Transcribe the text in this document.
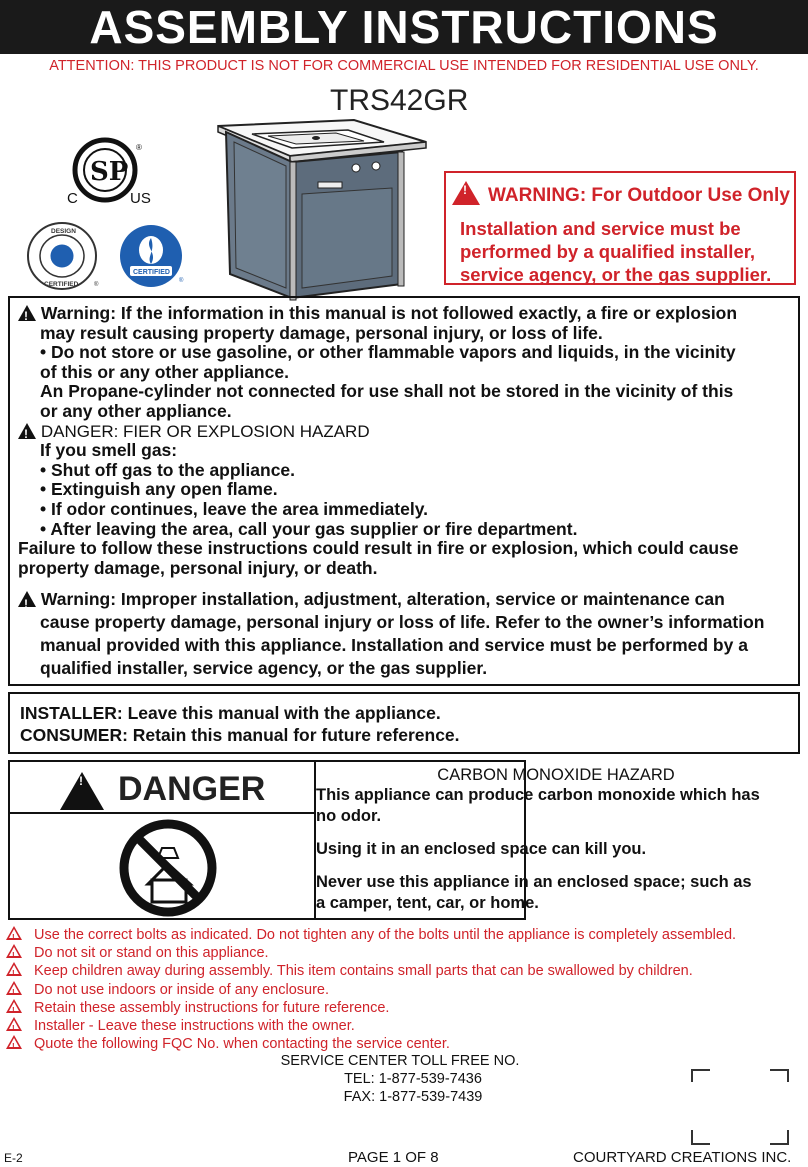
ASSEMBLY INSTRUCTIONS
ATTENTION: THIS PRODUCT IS NOT FOR COMMERCIAL USE INTENDED FOR RESIDENTIAL USE ONLY.
TRS42GR
SP
®
C	US
DESIGN
CERTIFIED	®
CERTIFIED
®
!
WARNING: For Outdoor Use Only
Installation and service must be
performed by a qualified installer,
service agency, or the gas supplier.
! Warning: If the information in this manual is not followed exactly, a fire or explosion
may result causing property damage, personal injury, or loss of life.
• Do not store or use gasoline, or other flammable vapors and liquids, in the vicinity
of this or any other appliance.
An Propane-cylinder not connected for use shall not be stored in the vicinity of this
or any other appliance.
! DANGER: FIER OR EXPLOSION HAZARD
If you smell gas:
• Shut off gas to the appliance.
• Extinguish any open flame.
• If odor continues, leave the area immediately.
• After leaving the area, call your gas supplier or fire department.
Failure to follow these instructions could result in fire or explosion, which could cause
property damage, personal injury, or death.
! Warning: Improper installation, adjustment, alteration, service or maintenance can
cause property damage, personal injury or loss of life. Refer to the owner’s information
manual provided with this appliance. Installation and service must be performed by a
qualified installer, service agency, or the gas supplier.
INSTALLER: Leave this manual with the appliance.
CONSUMER: Retain this manual for future reference.
!
DANGER	CARBON MONOXIDE HAZARD
This appliance can produce carbon monoxide which has
no odor.
Using it in an enclosed space can kill you.
Never use this appliance in an enclosed space; such as
a camper, tent, car, or home.
!Use the correct bolts as indicated. Do not tighten any of the bolts until the appliance is completely assembled.
!Do not sit or stand on this appliance.
!Keep children away during assembly. This item contains small parts that can be swallowed by children.
!Do not use indoors or inside of any enclosure.
!Retain these assembly instructions for future reference.
!Installer - Leave these instructions with the owner.
!Quote the following FQC No. when contacting the service center.
SERVICE CENTER TOLL FREE NO.
TEL: 1-877-539-7436
FAX: 1-877-539-7439
E-2	PAGE 1 OF 8	COURTYARD CREATIONS INC.
